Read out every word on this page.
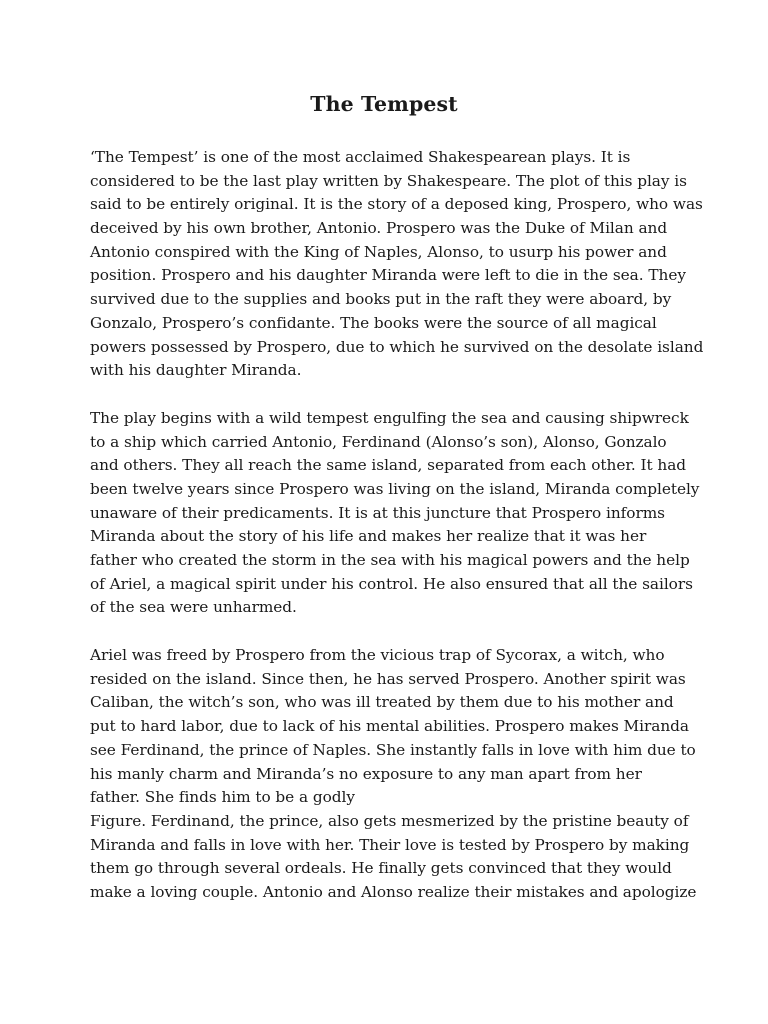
The Tempest

‘The Tempest’ is one of the most acclaimed Shakespearean plays. It is
considered to be the last play written by Shakespeare. The plot of this play is
said to be entirely original. It is the story of a deposed king, Prospero, who was
deceived by his own brother, Antonio. Prospero was the Duke of Milan and
Antonio conspired with the King of Naples, Alonso, to usurp his power and
position. Prospero and his daughter Miranda were left to die in the sea. They
survived due to the supplies and books put in the raft they were aboard, by
Gonzalo, Prospero’s confidante. The books were the source of all magical
powers possessed by Prospero, due to which he survived on the desolate island
with his daughter Miranda.

The play begins with a wild tempest engulfing the sea and causing shipwreck
to a ship which carried Antonio, Ferdinand (Alonso’s son), Alonso, Gonzalo
and others. They all reach the same island, separated from each other. It had
been twelve years since Prospero was living on the island, Miranda completely
unaware of their predicaments. It is at this juncture that Prospero informs
Miranda about the story of his life and makes her realize that it was her
father who created the storm in the sea with his magical powers and the help
of Ariel, a magical spirit under his control. He also ensured that all the sailors
of the sea were unharmed.

Ariel was freed by Prospero from the vicious trap of Sycorax, a witch, who
resided on the island. Since then, he has served Prospero. Another spirit was
Caliban, the witch’s son, who was ill treated by them due to his mother and
put to hard labor, due to lack of his mental abilities. Prospero makes Miranda
see Ferdinand, the prince of Naples. She instantly falls in love with him due to
his manly charm and Miranda’s no exposure to any man apart from her
father. She finds him to be a godly
Figure. Ferdinand, the prince, also gets mesmerized by the pristine beauty of
Miranda and falls in love with her. Their love is tested by Prospero by making
them go through several ordeals. He finally gets convinced that they would
make a loving couple. Antonio and Alonso realize their mistakes and apologize
